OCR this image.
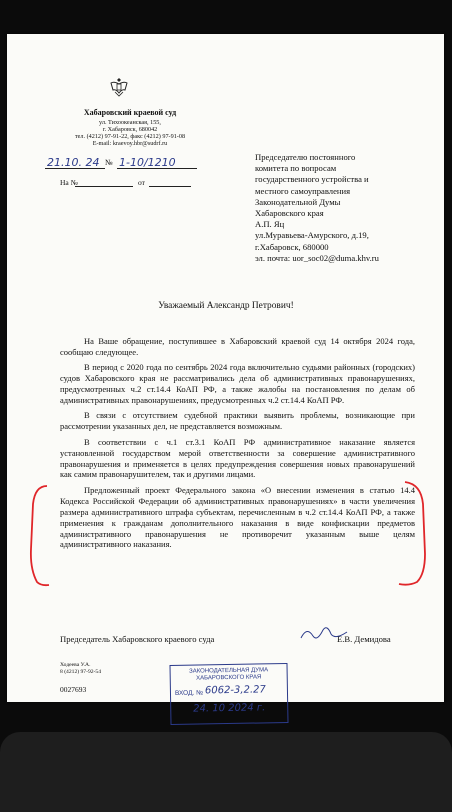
Хабаровский краевой суд
ул. Тихоокеанская, 155,
г. Хабаровск, 680042
тел. (4212) 97-91-22, факс (4212) 97-91-08
E-mail: kraevoy.hbr@sudrf.ru
21.10. 24 № 1-10/1210
На №	от
Председателю постоянного
комитета по вопросам
государственного устройства и
местного самоуправления
Законодательной Думы
Хабаровского края
А.П. Яц
ул.Муравьева-Амурского, д.19,
г.Хабаровск, 680000
эл. почта: uor_soc02@duma.khv.ru
Уважаемый Александр Петрович!

На Ваше обращение, поступившее в Хабаровский краевой суд 14 октября 2024 года, сообщаю следующее.

В период с 2020 года по сентябрь 2024 года включительно судьями районных (городских) судов Хабаровского края не рассматривались дела об административных правонарушениях, предусмотренных ч.2 ст.14.4 КоАП РФ, а также жалобы на постановления по делам об административных правонарушениях, предусмотренных ч.2 ст.14.4 КоАП РФ.

В связи с отсутствием судебной практики выявить проблемы, возникающие при рассмотрении указанных дел, не представляется возможным.

В соответствии с ч.1 ст.3.1 КоАП РФ административное наказание является установленной государством мерой ответственности за совершение административного правонарушения и применяется в целях предупреждения совершения новых правонарушений как самим правонарушителем, так и другими лицами.

Предложенный проект Федерального закона «О внесении изменения в статью 14.4 Кодекса Российской Федерации об административных правонарушениях» в части увеличения размера административного штрафа субъектам, перечисленным в ч.2 ст.14.4 КоАП РФ, а также применения к гражданам дополнительного наказания в виде конфискации предметов административного правонарушения не противоречит указанным выше целям административного наказания.

Председатель Хабаровского краевого суда	Е.В. Демидова
Ходеева У.А.
8 (4212) 97-92-54
0027693
ЗАКОНОДАТЕЛЬНАЯ ДУМА
ХАБАРОВСКОГО КРАЯ
ВХОД. № 6062-3,2.27
24. 10 2024 г.
